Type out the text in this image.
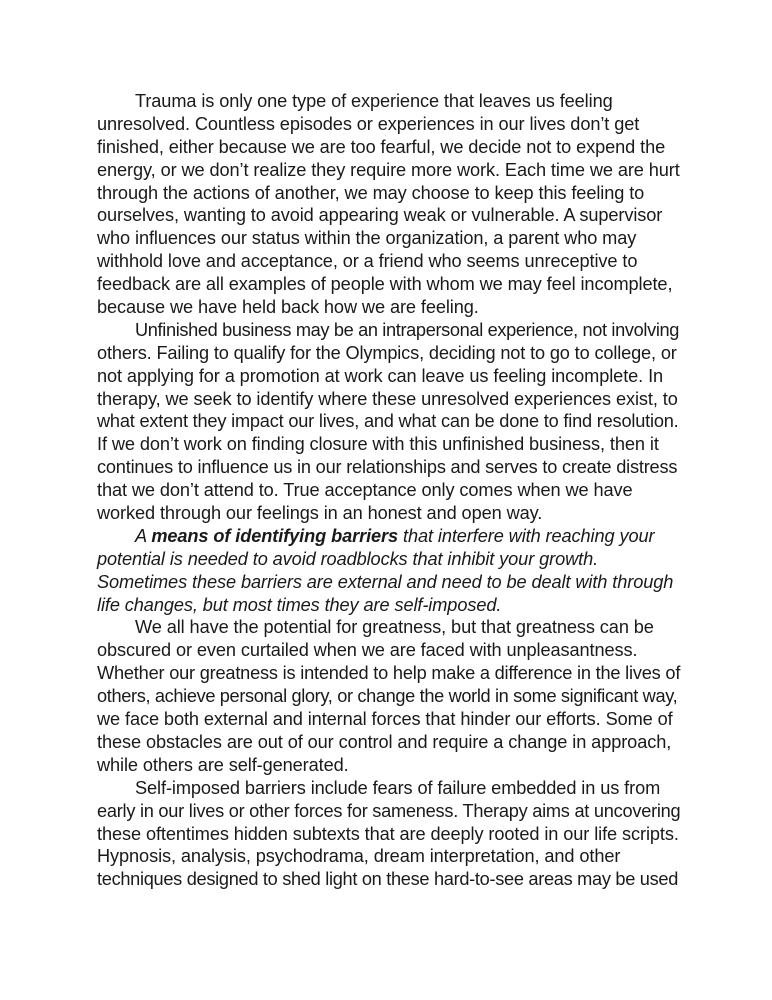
Trauma is only one type of experience that leaves us feeling
unresolved. Countless episodes or experiences in our lives don’t get
finished, either because we are too fearful, we decide not to expend the
energy, or we don’t realize they require more work. Each time we are hurt
through the actions of another, we may choose to keep this feeling to
ourselves, wanting to avoid appearing weak or vulnerable. A supervisor
who influences our status within the organization, a parent who may
withhold love and acceptance, or a friend who seems unreceptive to
feedback are all examples of people with whom we may feel incomplete,
because we have held back how we are feeling.
Unfinished business may be an intrapersonal experience, not involving
others. Failing to qualify for the Olympics, deciding not to go to college, or
not applying for a promotion at work can leave us feeling incomplete. In
therapy, we seek to identify where these unresolved experiences exist, to
what extent they impact our lives, and what can be done to find resolution.
If we don’t work on finding closure with this unfinished business, then it
continues to influence us in our relationships and serves to create distress
that we don’t attend to. True acceptance only comes when we have
worked through our feelings in an honest and open way.
A means of identifying barriers that interfere with reaching your
potential is needed to avoid roadblocks that inhibit your growth.
Sometimes these barriers are external and need to be dealt with through
life changes, but most times they are self-imposed.
We all have the potential for greatness, but that greatness can be
obscured or even curtailed when we are faced with unpleasantness.
Whether our greatness is intended to help make a difference in the lives of
others, achieve personal glory, or change the world in some significant way,
we face both external and internal forces that hinder our efforts. Some of
these obstacles are out of our control and require a change in approach,
while others are self-generated.
Self-imposed barriers include fears of failure embedded in us from
early in our lives or other forces for sameness. Therapy aims at uncovering
these oftentimes hidden subtexts that are deeply rooted in our life scripts.
Hypnosis, analysis, psychodrama, dream interpretation, and other
techniques designed to shed light on these hard-to-see areas may be used
